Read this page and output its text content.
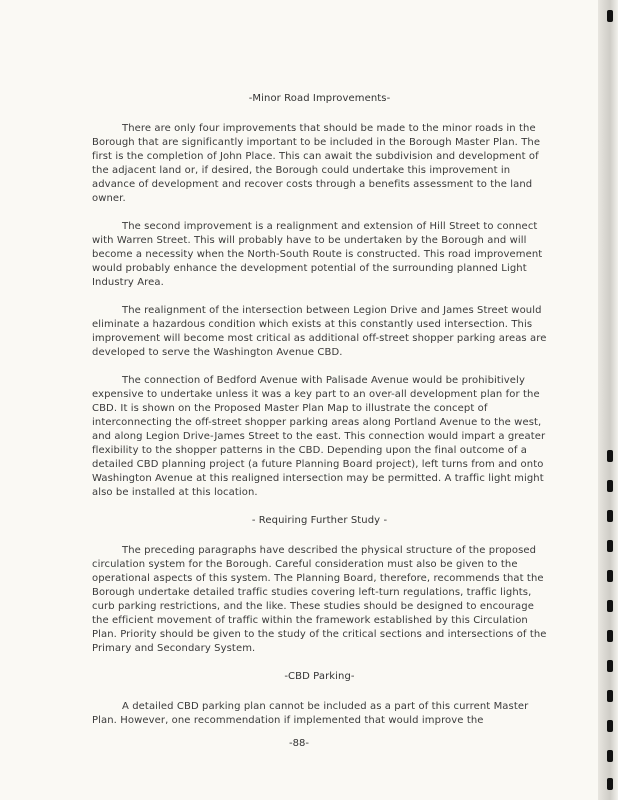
-Minor Road Improvements-

There are only four improvements that should be made to the minor roads in the Borough that are significantly important to be included in the Borough Master Plan. The first is the completion of John Place. This can await the subdivision and development of the adjacent land or, if desired, the Borough could undertake this improvement in advance of development and recover costs through a benefits assessment to the land owner.

The second improvement is a realignment and extension of Hill Street to connect with Warren Street. This will probably have to be undertaken by the Borough and will become a necessity when the North-South Route is constructed. This road improvement would probably enhance the development potential of the surrounding planned Light Industry Area.

The realignment of the intersection between Legion Drive and James Street would eliminate a hazardous condition which exists at this constantly used intersection. This improvement will become most critical as additional off-street shopper parking areas are developed to serve the Washington Avenue CBD.

The connection of Bedford Avenue with Palisade Avenue would be prohibitively expensive to undertake unless it was a key part to an over-all development plan for the CBD. It is shown on the Proposed Master Plan Map to illustrate the concept of interconnecting the off-street shopper parking areas along Portland Avenue to the west, and along Legion Drive-James Street to the east. This connection would impart a greater flexibility to the shopper patterns in the CBD. Depending upon the final outcome of a detailed CBD planning project (a future Planning Board project), left turns from and onto Washington Avenue at this realigned intersection may be permitted. A traffic light might also be installed at this location.

- Requiring Further Study -

The preceding paragraphs have described the physical structure of the proposed circulation system for the Borough. Careful consideration must also be given to the operational aspects of this system. The Planning Board, therefore, recommends that the Borough undertake detailed traffic studies covering left-turn regulations, traffic lights, curb parking restrictions, and the like. These studies should be designed to encourage the efficient movement of traffic within the framework established by this Circulation Plan. Priority should be given to the study of the critical sections and intersections of the Primary and Secondary System.

-CBD Parking-

A detailed CBD parking plan cannot be included as a part of this current Master Plan. However, one recommendation if implemented that would improve the

-88-
